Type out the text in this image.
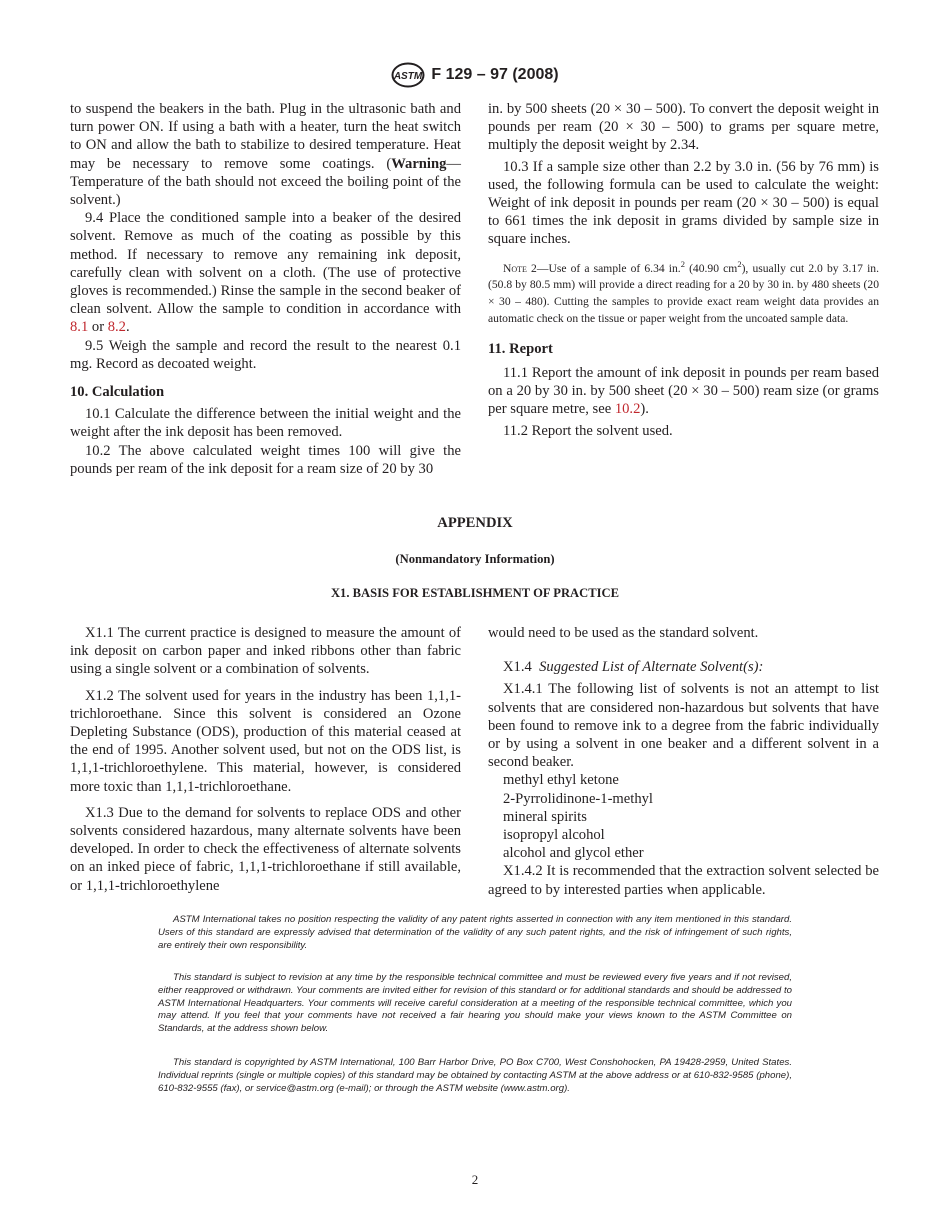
ASTM F 129 – 97 (2008)

to suspend the beakers in the bath. Plug in the ultrasonic bath and turn power ON. If using a bath with a heater, turn the heat switch to ON and allow the bath to stabilize to desired temperature. Heat may be necessary to remove some coatings. (Warning—Temperature of the bath should not exceed the boiling point of the solvent.)

9.4 Place the conditioned sample into a beaker of the desired solvent. Remove as much of the coating as possible by this method. If necessary to remove any remaining ink deposit, carefully clean with solvent on a cloth. (The use of protective gloves is recommended.) Rinse the sample in the second beaker of clean solvent. Allow the sample to condition in accordance with 8.1 or 8.2.

9.5 Weigh the sample and record the result to the nearest 0.1 mg. Record as decoated weight.

10. Calculation

10.1 Calculate the difference between the initial weight and the weight after the ink deposit has been removed.

10.2 The above calculated weight times 100 will give the pounds per ream of the ink deposit for a ream size of 20 by 30

in. by 500 sheets (20 × 30 – 500). To convert the deposit weight in pounds per ream (20 × 30 – 500) to grams per square metre, multiply the deposit weight by 2.34.

10.3 If a sample size other than 2.2 by 3.0 in. (56 by 76 mm) is used, the following formula can be used to calculate the weight: Weight of ink deposit in pounds per ream (20 × 30 – 500) is equal to 661 times the ink deposit in grams divided by sample size in square inches.

Note 2—Use of a sample of 6.34 in.$^2$ (40.90 $cm^2$), usually cut 2.0 by 3.17 in. (50.8 by 80.5 mm) will provide a direct reading for a 20 by 30 in. by 480 sheets (20 × 30 – 480). Cutting the samples to provide exact ream weight data provides an automatic check on the tissue or paper weight from the uncoated sample data.

11. Report

11.1 Report the amount of ink deposit in pounds per ream based on a 20 by 30 in. by 500 sheet (20 × 30 – 500) ream size (or grams per square metre, see 10.2).

11.2 Report the solvent used.

APPENDIX
(Nonmandatory Information)
X1. BASIS FOR ESTABLISHMENT OF PRACTICE

X1.1 The current practice is designed to measure the amount of ink deposit on carbon paper and inked ribbons other than fabric using a single solvent or a combination of solvents.

X1.2 The solvent used for years in the industry has been 1,1,1-trichloroethane. Since this solvent is considered an Ozone Depleting Substance (ODS), production of this material ceased at the end of 1995. Another solvent used, but not on the ODS list, is 1,1,1-trichloroethylene. This material, however, is considered more toxic than 1,1,1-trichloroethane.

X1.3 Due to the demand for solvents to replace ODS and other solvents considered hazardous, many alternate solvents have been developed. In order to check the effectiveness of alternate solvents on an inked piece of fabric, 1,1,1-trichloroethane if still available, or 1,1,1-trichloroethylene

would need to be used as the standard solvent.

X1.4 Suggested List of Alternate Solvent(s):

X1.4.1 The following list of solvents is not an attempt to list solvents that are considered non-hazardous but solvents that have been found to remove ink to a degree from the fabric individually or by using a solvent in one beaker and a different solvent in a second beaker.

methyl ethyl ketone

2-Pyrrolidinone-1-methyl

mineral spirits

isopropyl alcohol

alcohol and glycol ether

X1.4.2 It is recommended that the extraction solvent selected be agreed to by interested parties when applicable.

ASTM International takes no position respecting the validity of any patent rights asserted in connection with any item mentioned in this standard. Users of this standard are expressly advised that determination of the validity of any such patent rights, and the risk of infringement of such rights, are entirely their own responsibility.
This standard is subject to revision at any time by the responsible technical committee and must be reviewed every five years and if not revised, either reapproved or withdrawn. Your comments are invited either for revision of this standard or for additional standards and should be addressed to ASTM International Headquarters. Your comments will receive careful consideration at a meeting of the responsible technical committee, which you may attend. If you feel that your comments have not received a fair hearing you should make your views known to the ASTM Committee on Standards, at the address shown below.
This standard is copyrighted by ASTM International, 100 Barr Harbor Drive, PO Box C700, West Conshohocken, PA 19428-2959, United States. Individual reprints (single or multiple copies) of this standard may be obtained by contacting ASTM at the above address or at 610-832-9585 (phone), 610-832-9555 (fax), or service@astm.org (e-mail); or through the ASTM website (www.astm.org).
2
